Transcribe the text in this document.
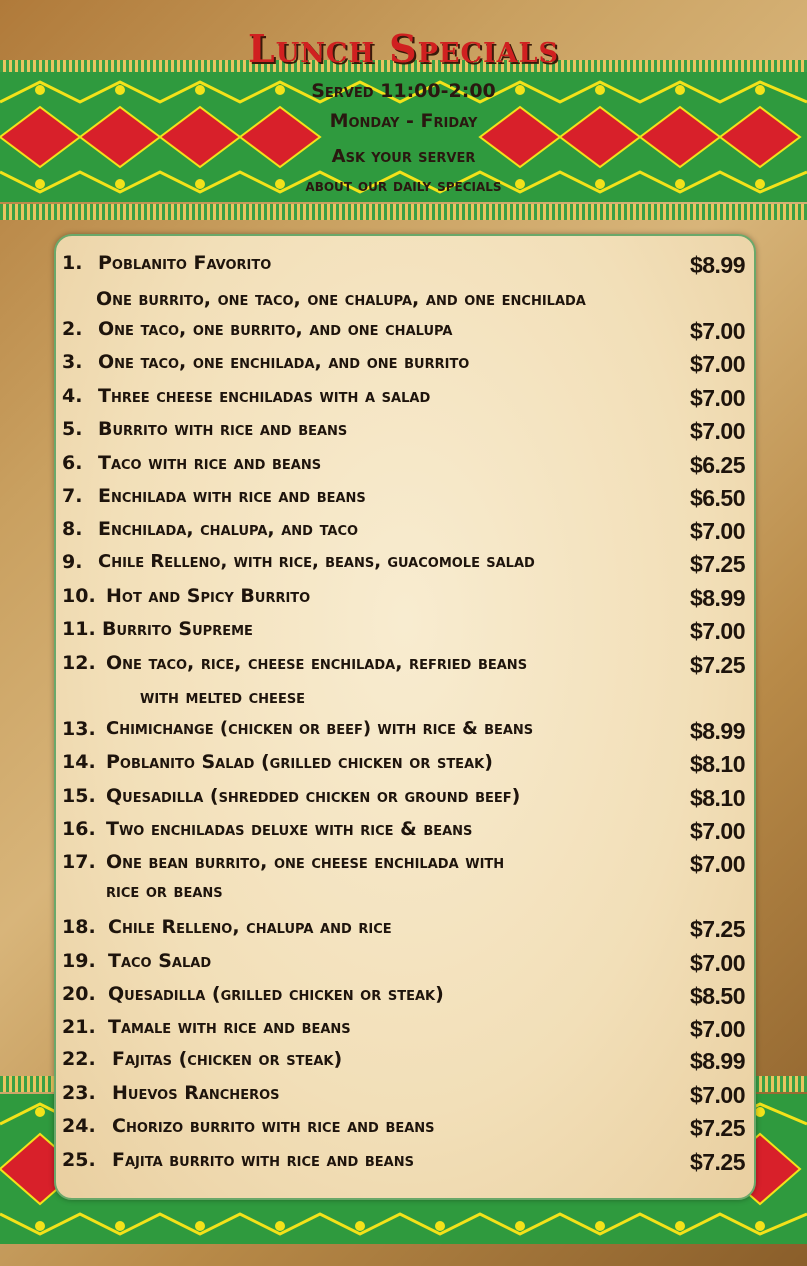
Lunch Specials
Served 11:00-2:00
Monday - Friday
Ask your server
about our daily specials
1. Poblanito Favorito	$8.99
One burrito, one taco, one chalupa, and one enchilada
2. One taco, one burrito, and one chalupa	$7.00
3. One taco, one enchilada, and one burrito	$7.00
4. Three cheese enchiladas with a salad	$7.00
5. Burrito with rice and beans	$7.00
6. Taco with rice and beans	$6.25
7. Enchilada with rice and beans	$6.50
8. Enchilada, chalupa, and taco	$7.00
9. Chile Relleno, with rice, beans, guacomole salad	$7.25
10. Hot and Spicy Burrito	$8.99
11. Burrito Supreme	$7.00
12. One taco, rice, cheese enchilada, refried beans	$7.25
with melted cheese
13. Chimichange (chicken or beef) with rice & beans	$8.99
14. Poblanito Salad (grilled chicken or steak)	$8.10
15. Quesadilla (shredded chicken or ground beef)	$8.10
16. Two enchiladas deluxe with rice & beans	$7.00
17. One bean burrito, one cheese enchilada with	$7.00
rice or beans
18. Chile Relleno, chalupa and rice	$7.25
19. Taco Salad	$7.00
20. Quesadilla (grilled chicken or steak)	$8.50
21. Tamale with rice and beans	$7.00
22. Fajitas (chicken or steak)	$8.99
23. Huevos Rancheros	$7.00
24. Chorizo burrito with rice and beans	$7.25
25. Fajita burrito with rice and beans	$7.25
